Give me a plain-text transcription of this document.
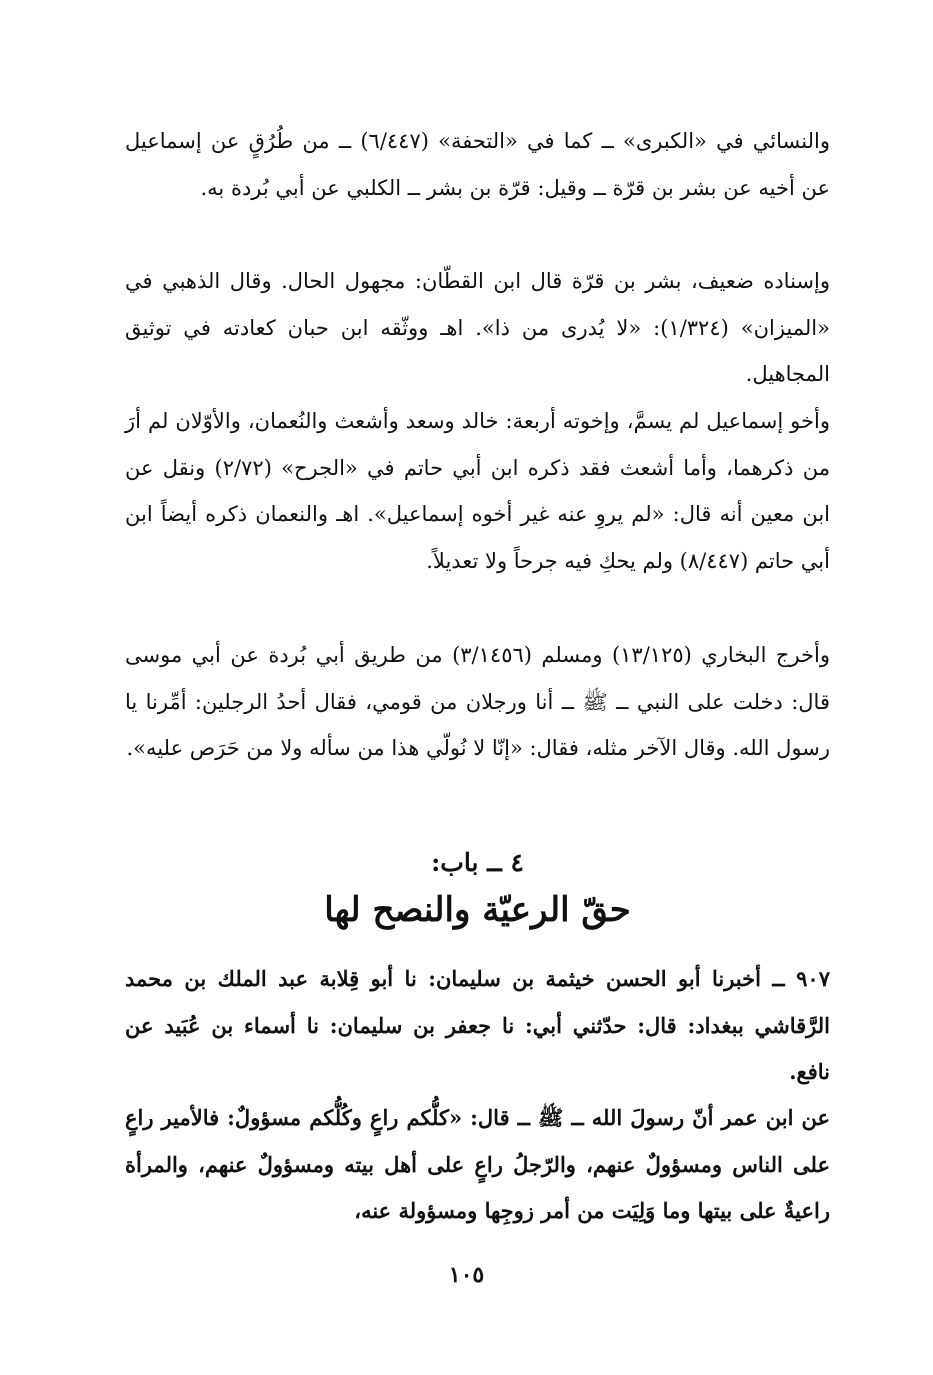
والنسائي في «الكبرى» ــ كما في «التحفة» (٦/٤٤٧) ــ من طُرُقٍ عن إسماعيل عن أخيه عن بشر بن قرّة ــ وقيل: قرّة بن بشر ــ الكلبي عن أبي بُردة به.

وإسناده ضعيف، بشر بن قرّة قال ابن القطّان: مجهول الحال. وقال الذهبي في «الميزان» (١/٣٢٤): «لا يُدرى من ذا». اهـ ووثّقه ابن حبان كعادته في توثيق المجاهيل.

وأخو إسماعيل لم يسمَّ، وإخوته أربعة: خالد وسعد وأشعث والنُعمان، والأوّلان لم أرَ من ذكرهما، وأما أشعث فقد ذكره ابن أبي حاتم في «الجرح» (٢/٧٢) ونقل عن ابن معين أنه قال: «لم يروِ عنه غير أخوه إسماعيل». اهـ والنعمان ذكره أيضاً ابن أبي حاتم (٨/٤٤٧) ولم يحكِ فيه جرحاً ولا تعديلاً.

وأخرج البخاري (١٣/١٢٥) ومسلم (٣/١٤٥٦) من طريق أبي بُردة عن أبي موسى قال: دخلت على النبي ــ ﷺ ــ أنا ورجلان من قومي، فقال أحدُ الرجلين: أمِّرنا يا رسول الله. وقال الآخر مثله، فقال: «إنّا لا نُولّي هذا من سأله ولا من حَرَص عليه».

٤ ــ باب:
حقّ الرعيّة والنصح لها

٩٠٧ ــ أخبرنا أبو الحسن خيثمة بن سليمان: نا أبو قِلابة عبد الملك بن محمد الرَّقاشي ببغداد: قال: حدّثني أبي: نا جعفر بن سليمان: نا أسماء بن عُبَيد عن نافع.

عن ابن عمر أنّ رسولَ الله ــ ﷺ ــ قال: «كلُّكم راعٍ وكُلُّكم مسؤولٌ: فالأمير راعٍ على الناس ومسؤولٌ عنهم، والرّجلُ راعٍ على أهل بيته ومسؤولٌ عنهم، والمرأة راعيةٌ على بيتها وما وَلِيَت من أمر زوجِها ومسؤولة عنه،

١٠٥
